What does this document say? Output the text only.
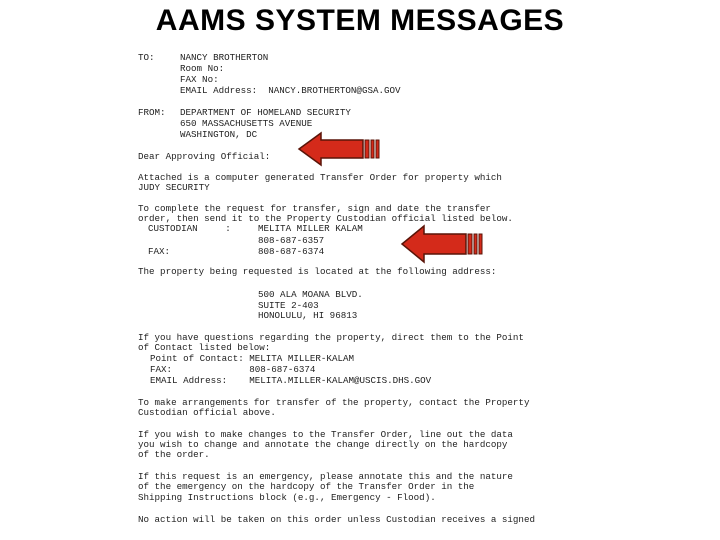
AAMS SYSTEM MESSAGES
TO:	NANCY BROTHERTON
Room No:
FAX No:
EMAIL Address:  NANCY.BROTHERTON@GSA.GOV
FROM: DEPARTMENT OF HOMELAND SECURITY
650 MASSACHUSETTS AVENUE
WASHINGTON, DC
Dear Approving Official:
Attached is a computer generated Transfer Order for property which
JUDY SECURITY
To complete the request for transfer, sign and date the transfer
order, then send it to the Property Custodian official listed below.
CUSTODIAN     :	MELITA MILLER KALAM
808-687-6357
FAX:	808-687-6374
The property being requested is located at the following address:
500 ALA MOANA BLVD.
SUITE 2-403
HONOLULU, HI 96813
If you have questions regarding the property, direct them to the Point
of Contact listed below:
Point of Contact: MELITA MILLER-KALAM
FAX:              808-687-6374
EMAIL Address:    MELITA.MILLER-KALAM@USCIS.DHS.GOV
To make arrangements for transfer of the property, contact the Property
Custodian official above.
If you wish to make changes to the Transfer Order, line out the data
you wish to change and annotate the change directly on the hardcopy
of the order.
If this request is an emergency, please annotate this and the nature
of the emergency on the hardcopy of the Transfer Order in the
Shipping Instructions block (e.g., Emergency - Flood).
No action will be taken on this order unless Custodian receives a signed
